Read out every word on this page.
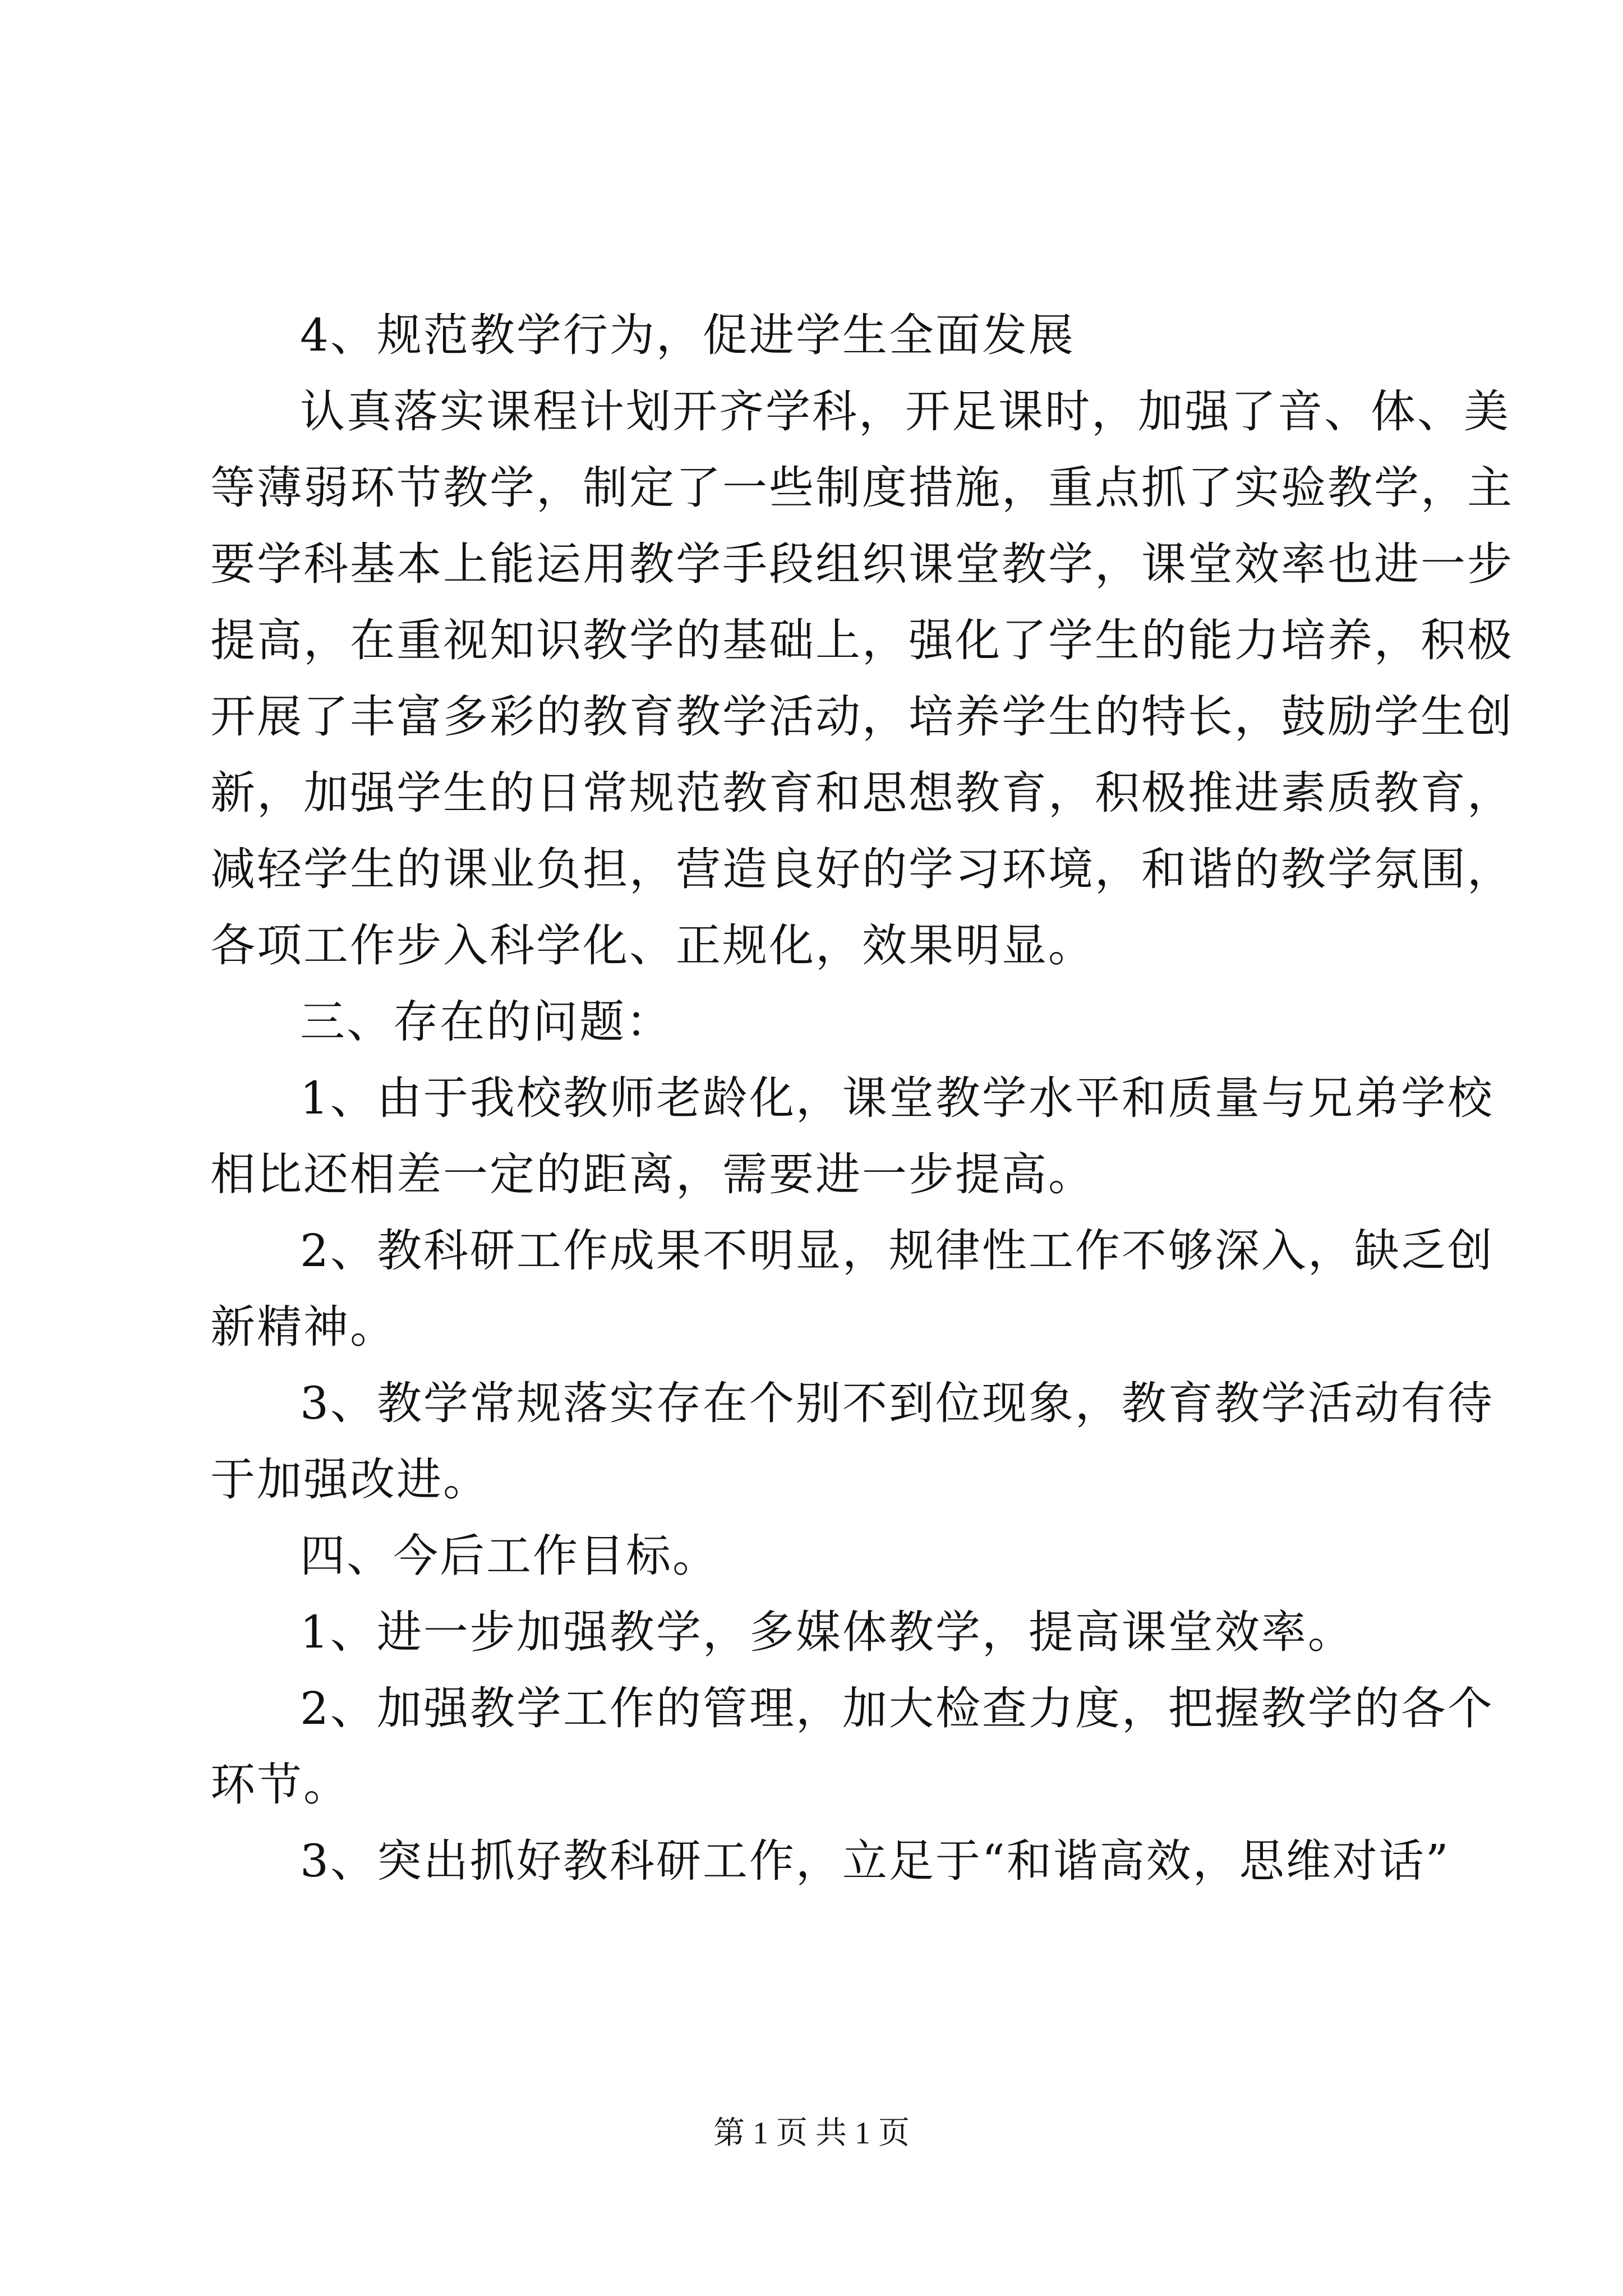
4、规范教学行为，促进学生全面发展
认真落实课程计划开齐学科，开足课时，加强了音、体、美
等薄弱环节教学，制定了一些制度措施，重点抓了实验教学，主
要学科基本上能运用教学手段组织课堂教学，课堂效率也进一步
提高，在重视知识教学的基础上，强化了学生的能力培养，积极
开展了丰富多彩的教育教学活动，培养学生的特长，鼓励学生创
新，加强学生的日常规范教育和思想教育，积极推进素质教育，
减轻学生的课业负担，营造良好的学习环境，和谐的教学氛围，
各项工作步入科学化、正规化，效果明显。
三、存在的问题：
1、由于我校教师老龄化，课堂教学水平和质量与兄弟学校
相比还相差一定的距离，需要进一步提高。
2、教科研工作成果不明显，规律性工作不够深入，缺乏创
新精神。
3、教学常规落实存在个别不到位现象，教育教学活动有待
于加强改进。
四、今后工作目标。
1、进一步加强教学，多媒体教学，提高课堂效率。
2、加强教学工作的管理，加大检查力度，把握教学的各个
环节。
3、突出抓好教科研工作，立足于“和谐高效，思维对话”
第 1 页 共 1 页
